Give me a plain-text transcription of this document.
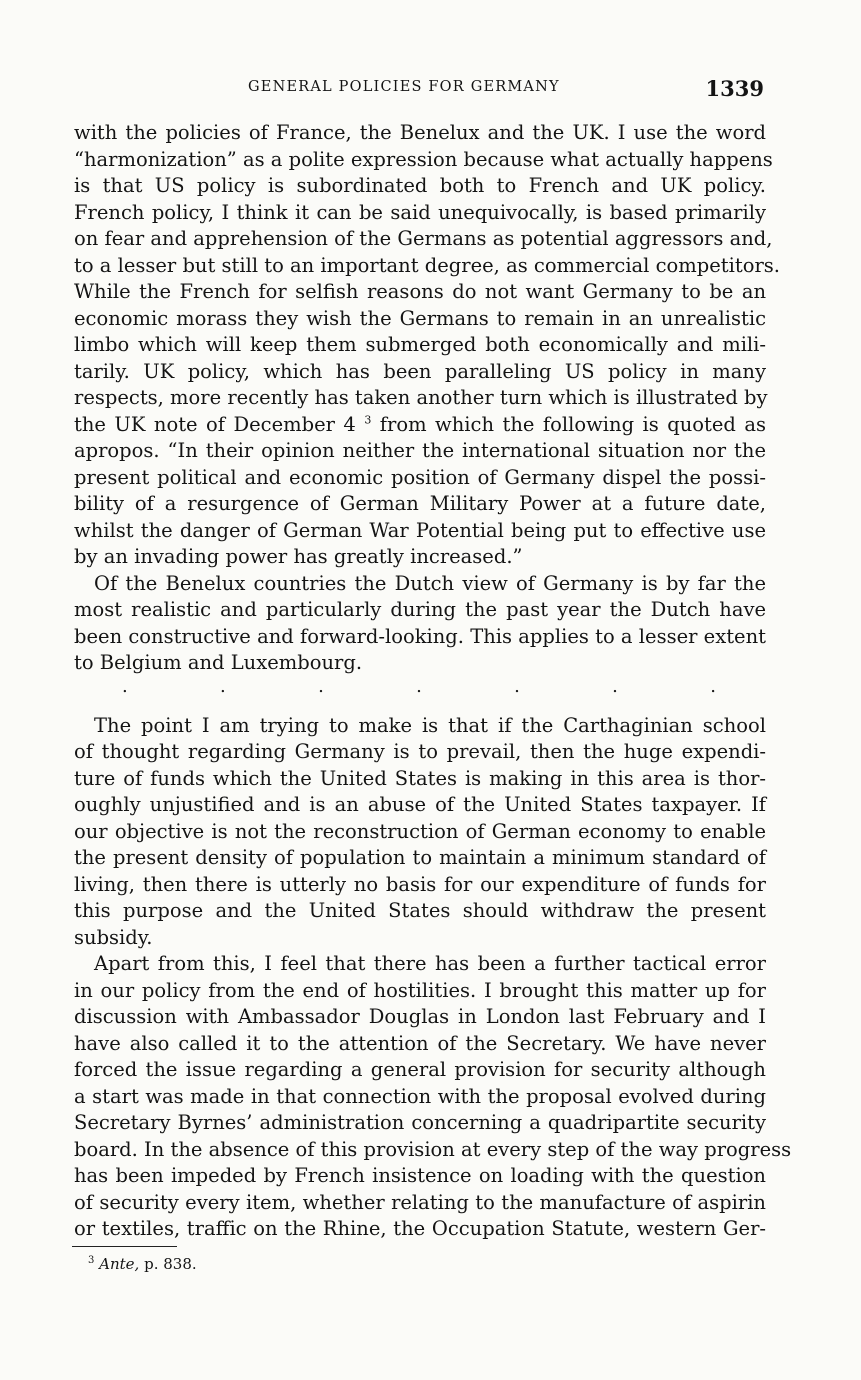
GENERAL POLICIES FOR GERMANY	1339
with the policies of France, the Benelux and the UK. I use the word
“harmonization” as a polite expression because what actually happens
is that US policy is subordinated both to French and UK policy.
French policy, I think it can be said unequivocally, is based primarily
on fear and apprehension of the Germans as potential aggressors and,
to a lesser but still to an important degree, as commercial competitors.
While the French for selfish reasons do not want Germany to be an
economic morass they wish the Germans to remain in an unrealistic
limbo which will keep them submerged both economically and mili-
tarily. UK policy, which has been paralleling US policy in many
respects, more recently has taken another turn which is illustrated by
the UK note of December 4 $^3$ from which the following is quoted as
apropos. “In their opinion neither the international situation nor the
present political and economic position of Germany dispel the possi-
bility of a resurgence of German Military Power at a future date,
whilst the danger of German War Potential being put to effective use
by an invading power has greatly increased.”
Of the Benelux countries the Dutch view of Germany is by far the
most realistic and particularly during the past year the Dutch have
been constructive and forward-looking. This applies to a lesser extent
to Belgium and Luxembourg.
.	.	.	.	.	.	.
The point I am trying to make is that if the Carthaginian school
of thought regarding Germany is to prevail, then the huge expendi-
ture of funds which the United States is making in this area is thor-
oughly unjustified and is an abuse of the United States taxpayer. If
our objective is not the reconstruction of German economy to enable
the present density of population to maintain a minimum standard of
living, then there is utterly no basis for our expenditure of funds for
this purpose and the United States should withdraw the present
subsidy.
Apart from this, I feel that there has been a further tactical error
in our policy from the end of hostilities. I brought this matter up for
discussion with Ambassador Douglas in London last February and I
have also called it to the attention of the Secretary. We have never
forced the issue regarding a general provision for security although
a start was made in that connection with the proposal evolved during
Secretary Byrnes’ administration concerning a quadripartite security
board. In the absence of this provision at every step of the way progress
has been impeded by French insistence on loading with the question
of security every item, whether relating to the manufacture of aspirin
or textiles, traffic on the Rhine, the Occupation Statute, western Ger-
$^3$ Ante, p. 838.
